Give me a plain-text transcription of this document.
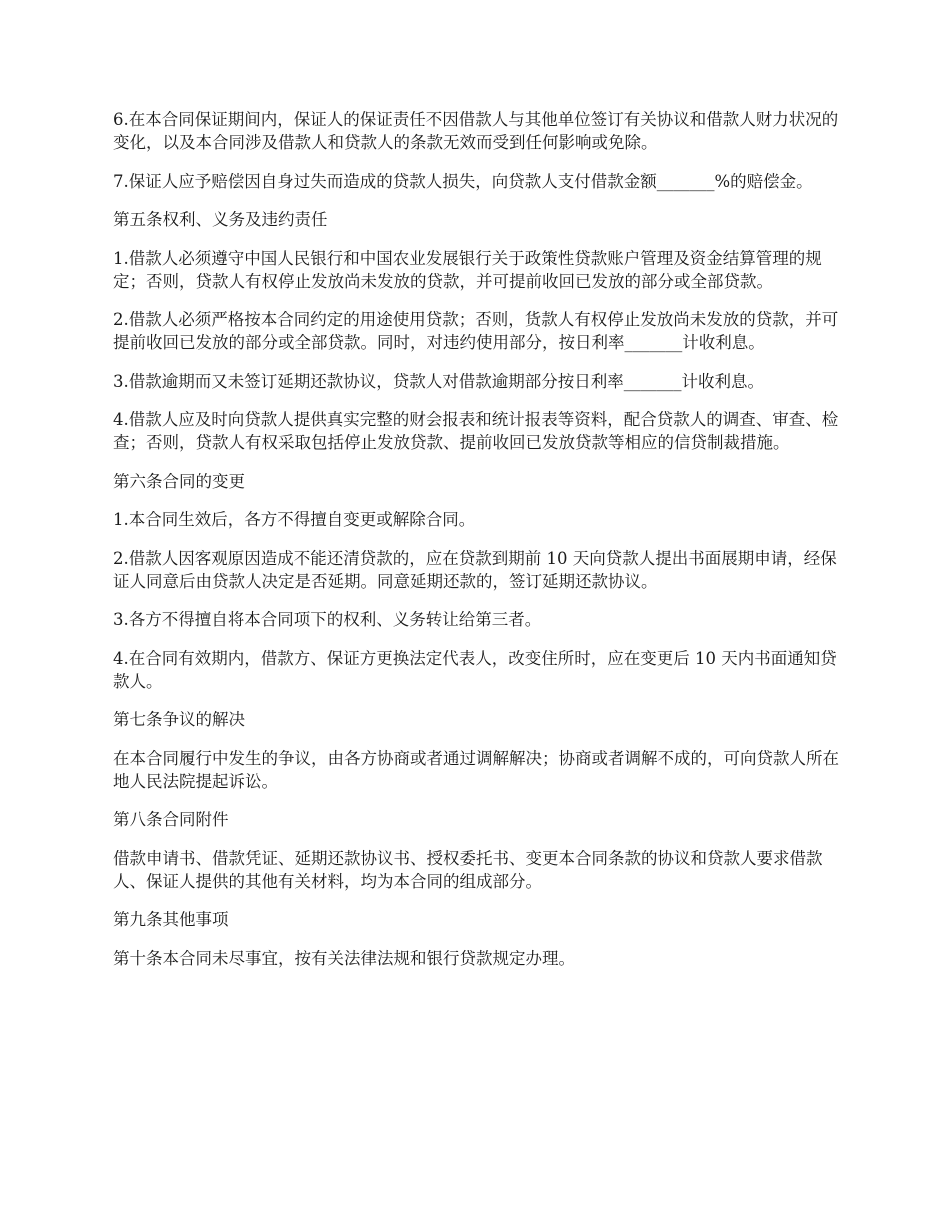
6.在本合同保证期间内，保证人的保证责任不因借款人与其他单位签订有关协议和借款人财力状况的变化，以及本合同涉及借款人和贷款人的条款无效而受到任何影响或免除。

7.保证人应予赔偿因自身过失而造成的贷款人损失，向贷款人支付借款金额_______%的赔偿金。

第五条权利、义务及违约责任

1.借款人必须遵守中国人民银行和中国农业发展银行关于政策性贷款账户管理及资金结算管理的规定；否则，贷款人有权停止发放尚未发放的贷款，并可提前收回已发放的部分或全部贷款。

2.借款人必须严格按本合同约定的用途使用贷款；否则，货款人有权停止发放尚未发放的贷款，并可提前收回已发放的部分或全部贷款。同时，对违约使用部分，按日利率_______计收利息。

3.借款逾期而又未签订延期还款协议，贷款人对借款逾期部分按日利率_______计收利息。

4.借款人应及时向贷款人提供真实完整的财会报表和统计报表等资料，配合贷款人的调查、审查、检查；否则，贷款人有权采取包括停止发放贷款、提前收回已发放贷款等相应的信贷制裁措施。

第六条合同的变更

1.本合同生效后，各方不得擅自变更或解除合同。

2.借款人因客观原因造成不能还清贷款的，应在贷款到期前 10 天向贷款人提出书面展期申请，经保证人同意后由贷款人决定是否延期。同意延期还款的，签订延期还款协议。

3.各方不得擅自将本合同项下的权利、义务转让给第三者。

4.在合同有效期内，借款方、保证方更换法定代表人，改变住所时，应在变更后 10 天内书面通知贷款人。

第七条争议的解决

在本合同履行中发生的争议，由各方协商或者通过调解解决；协商或者调解不成的，可向贷款人所在地人民法院提起诉讼。

第八条合同附件

借款申请书、借款凭证、延期还款协议书、授权委托书、变更本合同条款的协议和贷款人要求借款人、保证人提供的其他有关材料，均为本合同的组成部分。

第九条其他事项

第十条本合同未尽事宜，按有关法律法规和银行贷款规定办理。
